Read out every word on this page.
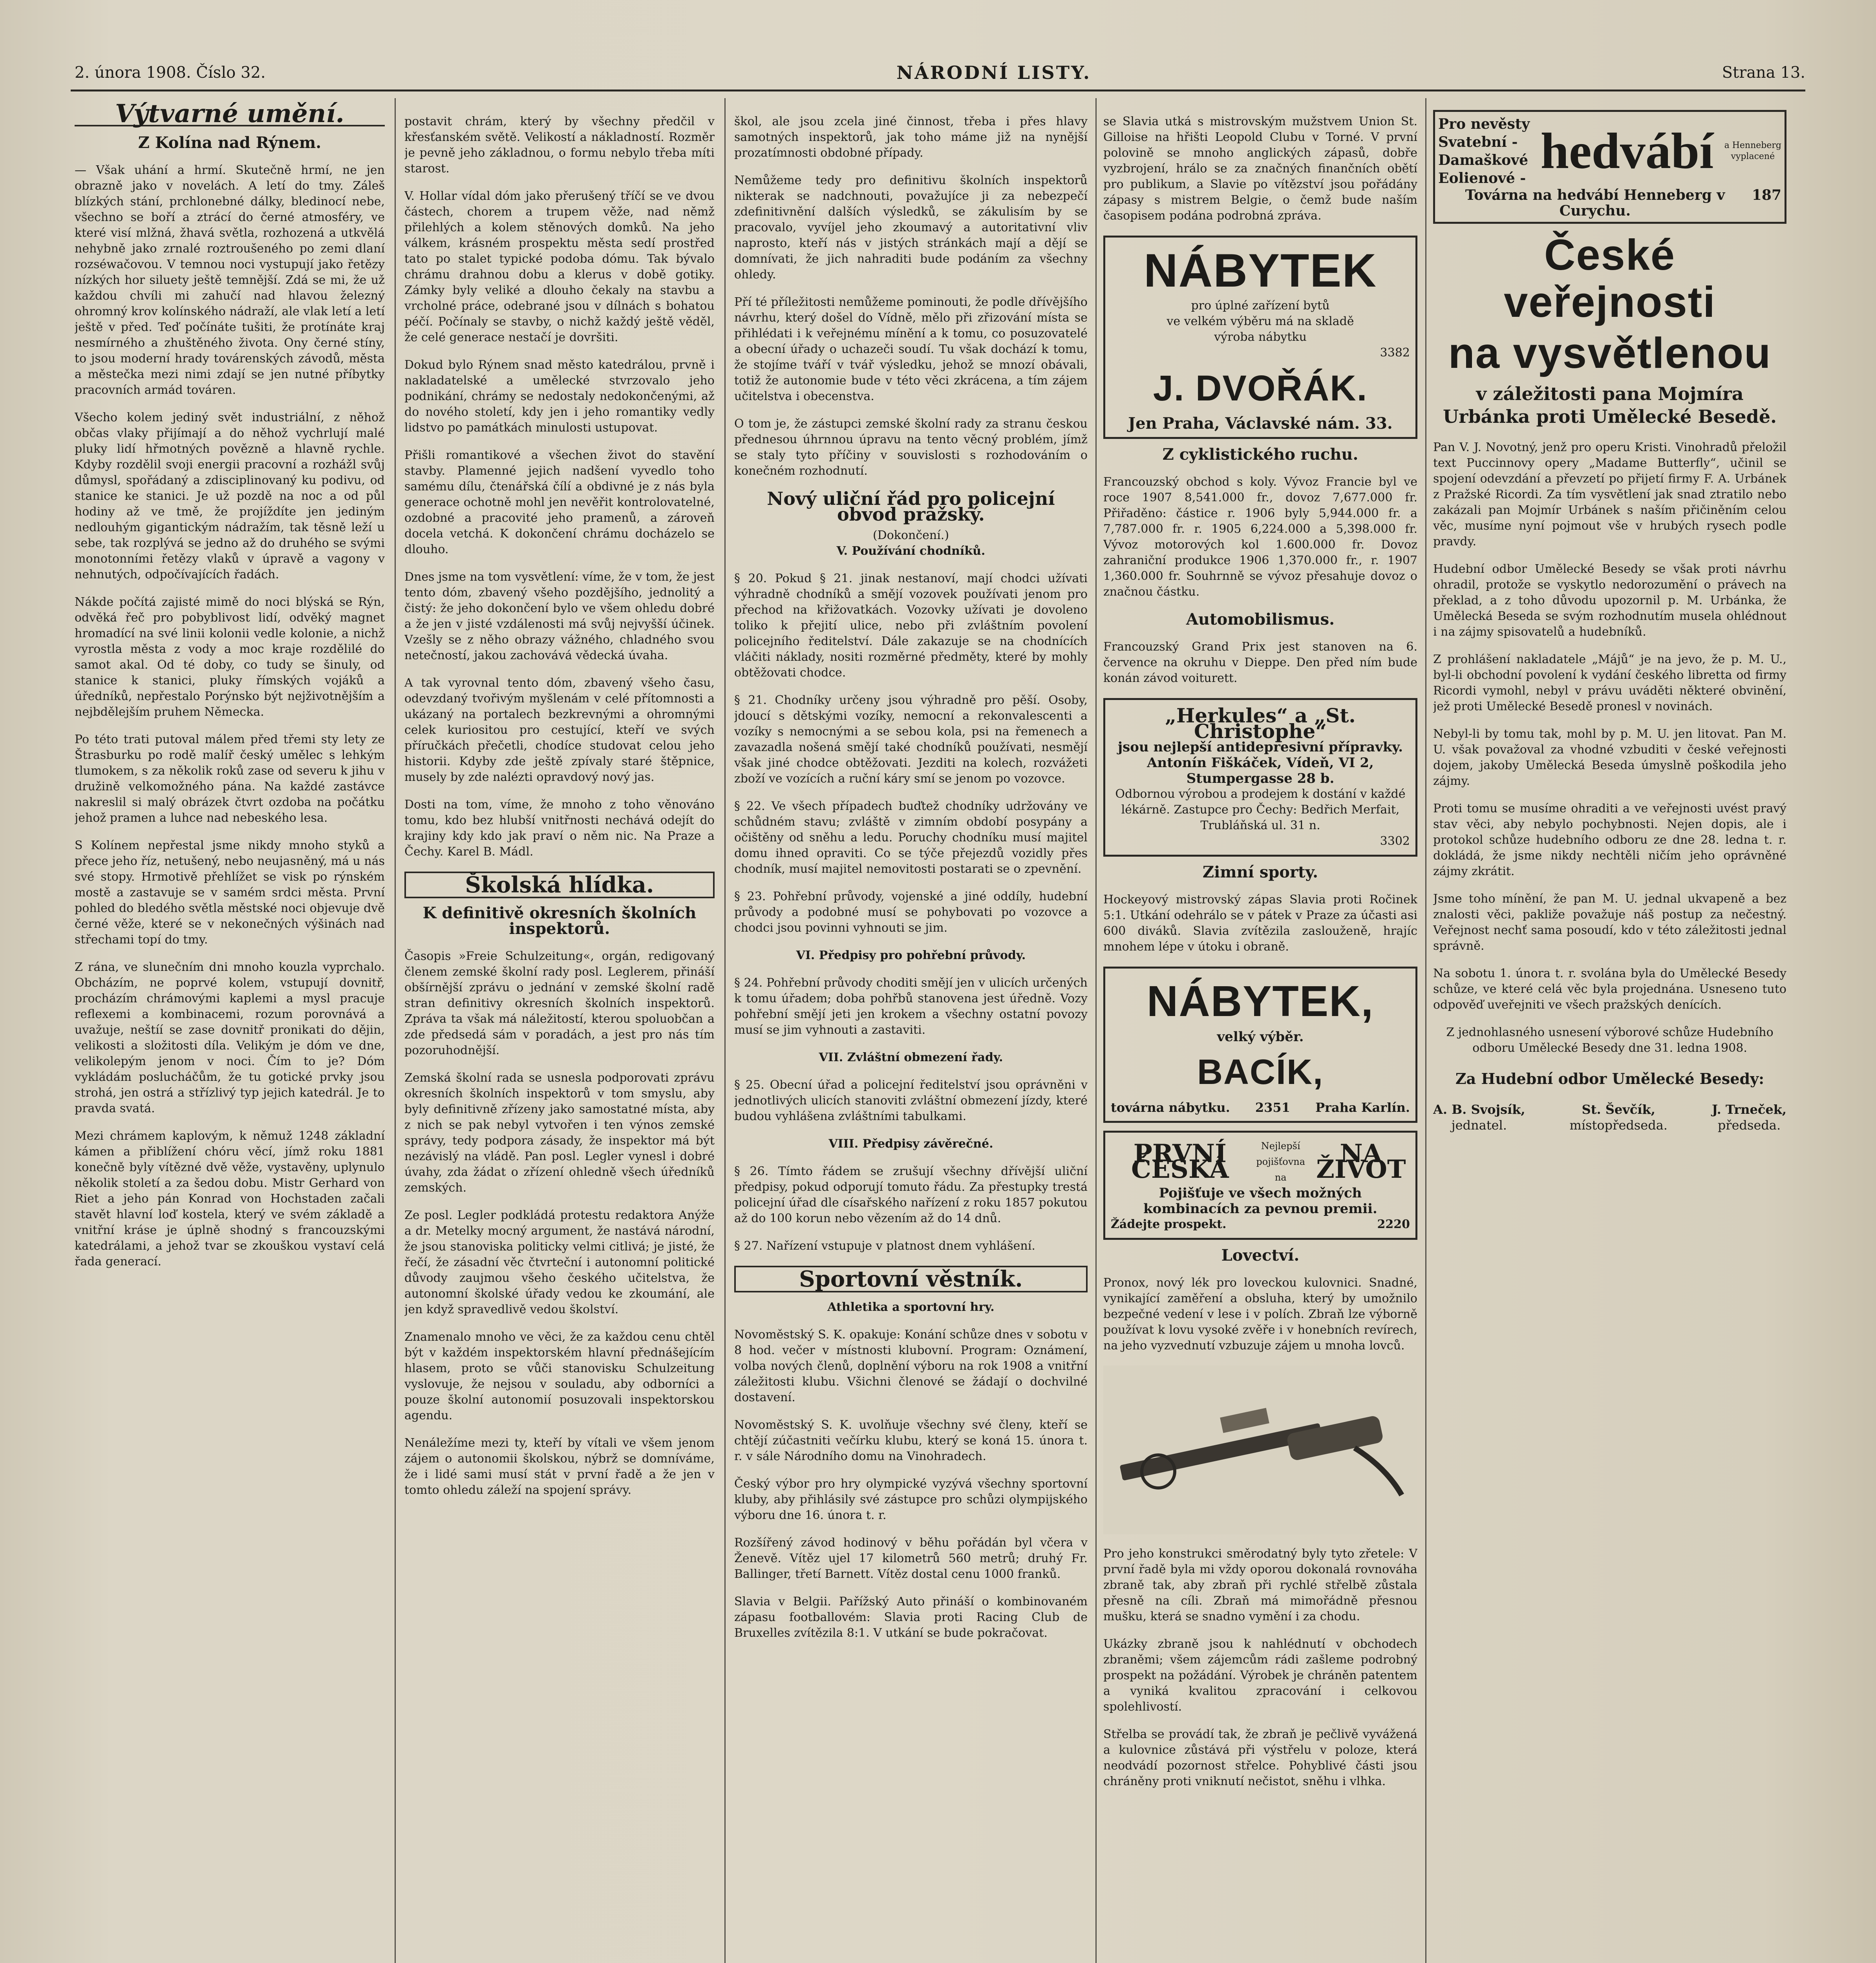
2. února 1908. Číslo 32.	NÁRODNÍ LISTY.	Strana 13.
Výtvarné umění.
Z Kolína nad Rýnem.

— Však uhání a hrmí. Skutečně hrmí, ne jen obrazně jako v novelách. A letí do tmy. Záleš blízkých stání, prchlonebné dálky, bledinocí nebe, všechno se boří a ztrácí do černé atmosféry, ve které visí mlžná, žhavá světla, rozhozená a utkvělá nehybně jako zrnalé roztroušeného po zemi dlaní rozséwačovou. V temnou noci vystupují jako řetězy nízkých hor siluety ještě temnější. Zdá se mi, že už každou chvíli mi zahučí nad hlavou železný ohromný krov kolínského nádraží, ale vlak letí a letí ještě v před. Teď počínáte tušiti, že protínáte kraj nesmírného a zhuštěného života. Ony černé stíny, to jsou moderní hrady továrenských závodů, města a městečka mezi nimi zdají se jen nutné příbytky pracovních armád továren.

Všecho kolem jediný svět industriální, z něhož občas vlaky přijímají a do něhož vychrlují malé pluky lidí hřmotných povězně a hlavně rychle. Kdyby rozdělil svoji energii pracovní a rozhážl svůj důmysl, spořádaný a zdisciplinovaný ku podivu, od stanice ke stanici. Je už pozdě na noc a od půl hodiny až ve tmě, že projíždíte jen jediným nedlouhým gigantickým nádražím, tak těsně leží u sebe, tak rozplývá se jedno až do druhého se svými monotonními řetězy vlaků v úpravě a vagony v nehnutých, odpočívajících řadách.

Nákde počítá zajisté mimě do noci blýská se Rýn, odvěká řeč pro pobyblivost lidí, odvěký magnet hromadící na své linii kolonii vedle kolonie, a nichž vyrostla města z vody a moc kraje rozdělilé do samot akal. Od té doby, co tudy se šinuly, od stanice k stanici, pluky římských vojáků a úředníků, nepřestalo Porýnsko být nejživotnějším a nejbdělejším pruhem Německa.

Po této trati putoval málem před třemi sty lety ze Štrasburku po rodě malíř český umělec s lehkým tlumokem, s za několik roků zase od severu k jihu v družině velkomožného pána. Na každé zastávce nakreslil si malý obrázek čtvrt ozdoba na počátku jehož pramen a luhce nad nebeského lesa.

S Kolínem nepřestal jsme nikdy mnoho styků a přece jeho říz, netušený, nebo neujasněný, má u nás své stopy. Hrmotivě přehlížet se visk po rýnském mostě a zastavuje se v samém srdci města. První pohled do bledého světla městské noci objevuje dvě černé věže, které se v nekonečných výšinách nad střechami topí do tmy.

Z rána, ve slunečním dni mnoho kouzla vyprchalo. Obcházím, ne poprvé kolem, vstupují dovnitř, procházím chrámovými kaplemi a mysl pracuje reflexemi a kombinacemi, rozum porovnává a uvažuje, neštíí se zase dovnitř pronikati do dějin, velikosti a složitosti díla. Velikým je dóm ve dne, velikolepým jenom v noci. Čím to je? Dóm vykládám poslucháčům, že tu gotické prvky jsou strohá, jen ostrá a střízlivý typ jejich katedrál. Je to pravda svatá.

Mezi chrámem kaplovým, k němuž 1248 základní kámen a přiblížení chóru věcí, jímž roku 1881 konečně byly vítězné dvě věže, vystavěny, uplynulo několik století a za šedou dobu. Mistr Gerhard von Riet a jeho pán Konrad von Hochstaden začali stavět hlavní loď kostela, který ve svém základě a vnitřní kráse je úplně shodný s francouzskými katedrálami, a jehož tvar se zkouškou vystaví celá řada generací.

postavit chrám, který by všechny předčil v křesťanském světě. Velikostí a nákladností. Rozměr je pevně jeho základnou, o formu nebylo třeba míti starost.

V. Hollar vídal dóm jako přerušený tříčí se ve dvou částech, chorem a trupem věže, nad němž přilehlých a kolem stěnových domků. Na jeho válkem, krásném prospektu města sedí prostřed tato po stalet typické podoba dómu. Tak bývalo chrámu drahnou dobu a klerus v době gotiky. Zámky byly veliké a dlouho čekaly na stavbu a vrcholné práce, odebrané jsou v dílnách s bohatou péčí. Počínaly se stavby, o nichž každý ještě věděl, že celé generace nestačí je dovršiti.

Dokud bylo Rýnem snad město katedrálou, prvně i nakladatelské a umělecké stvrzovalo jeho podnikání, chrámy se nedostaly nedokončenými, až do nového století, kdy jen i jeho romantiky vedly lidstvo po památkách minulosti ustupovat.

Přišli romantikové a všechen život do stavění stavby. Plamenné jejich nadšení vyvedlo toho samému dílu, čtenářská čílí a obdivné je z nás byla generace ochotně mohl jen nevěřit kontrolovatelné, ozdobné a pracovité jeho pramenů, a zároveň docela vetchá. K dokončení chrámu docházelo se dlouho.

Dnes jsme na tom vysvětlení: víme, že v tom, že jest tento dóm, zbavený všeho pozdějšího, jednolitý a čistý: že jeho dokončení bylo ve všem ohledu dobré a že jen v jisté vzdálenosti má svůj nejvyšší účinek. Vzešly se z něho obrazy vážného, chladného svou netečností, jakou zachovává vědecká úvaha.

A tak vyrovnal tento dóm, zbavený všeho času, odevzdaný tvořivým myšlenám v celé přítomnosti a ukázaný na portalech bezkrevnými a ohromnými celek kuriositou pro cestující, kteří ve svých příručkách přečetli, chodíce studovat celou jeho historii. Kdyby zde ještě zpívaly staré štěpnice, musely by zde nalézti opravdový nový jas.

Dosti na tom, víme, že mnoho z toho věnováno tomu, kdo bez hlubší vnitřnosti nechává odejít do krajiny kdy kdo jak praví o něm nic. Na Praze a Čechy. Karel B. Mádl.

Školská hlídka.
K definitivě okresních školních inspektorů.

Časopis »Freie Schulzeitung«, orgán, redigovaný členem zemské školní rady posl. Leglerem, přináší obšírnější zprávu o jednání v zemské školní radě stran definitivy okresních školních inspektorů. Zpráva ta však má náležitostí, kterou spoluobčan a zde předsedá sám v poradách, a jest pro nás tím pozoruhodnější.

Zemská školní rada se usnesla podporovati zprávu okresních školních inspektorů v tom smyslu, aby byly definitivně zřízeny jako samostatné místa, aby z nich se pak nebyl vytvořen i ten výnos zemské správy, tedy podpora zásady, že inspektor má být nezávislý na vládě. Pan posl. Legler vynesl i dobré úvahy, zda žádat o zřízení ohledně všech úředníků zemských.

Ze posl. Legler podkládá protestu redaktora Anýže a dr. Metelky mocný argument, že nastává národní, že jsou stanoviska politicky velmi citlivá; je jisté, že řečí, že zásadní věc čtvrteční i autonomní politické důvody zaujmou všeho českého učitelstva, že autonomní školské úřady vedou ke zkoumání, ale jen když spravedlivě vedou školství.

Znamenalo mnoho ve věci, že za každou cenu chtěl být v každém inspektorském hlavní přednášejícím hlasem, proto se vůči stanovisku Schulzeitung vyslovuje, že nejsou v souladu, aby odborníci a pouze školní autonomií posuzovali inspektorskou agendu.

Nenáležíme mezi ty, kteří by vítali ve všem jenom zájem o autonomii školskou, nýbrž se domníváme, že i lidé sami musí stát v první řadě a že jen v tomto ohledu záleží na spojení správy.

škol, ale jsou zcela jiné činnost, třeba i přes hlavy samotných inspektorů, jak toho máme již na nynější prozatímnosti obdobné případy.

Nemůžeme tedy pro definitivu školních inspektorů nikterak se nadchnouti, považujíce ji za nebezpečí zdefinitivnění dalších výsledků, se zákulisím by se pracovalo, vyvíjel jeho zkoumavý a autoritativní vliv naprosto, kteří nás v jistých stránkách mají a dějí se domnívati, že jich nahraditi bude podáním za všechny ohledy.

Pří té příležitosti nemůžeme pominouti, že podle dřívějšího návrhu, který došel do Vídně, mělo při zřizování místa se přihlédati i k veřejnému mínění a k tomu, co posuzovatelé a obecní úřady o uchazeči soudí. Tu však dochází k tomu, že stojíme tváří v tvář výsledku, jehož se mnozí obávali, totiž že autonomie bude v této věci zkrácena, a tím zájem učitelstva i obecenstva.

O tom je, že zástupci zemské školní rady za stranu českou přednesou úhrnnou úpravu na tento věcný problém, jímž se staly tyto příčiny v souvislosti s rozhodováním o konečném rozhodnutí.

Nový uliční řád pro policejní obvod pražský.
(Dokončení.)
V. Používání chodníků.

§ 20. Pokud § 21. jinak nestanoví, mají chodci užívati výhradně chodníků a smějí vozovek používati jenom pro přechod na křižovatkách. Vozovky užívati je dovoleno toliko k přejití ulice, nebo při zvláštním povolení policejního ředitelství. Dále zakazuje se na chodnících vláčiti náklady, nositi rozměrné předměty, které by mohly obtěžovati chodce.

§ 21. Chodníky určeny jsou výhradně pro pěší. Osoby, jdoucí s dětskými vozíky, nemocní a rekonvalescenti a vozíky s nemocnými a se sebou kola, psi na řemenech a zavazadla nošená smějí také chodníků používati, nesmějí však jiné chodce obtěžovati. Jezditi na kolech, rozvážeti zboží ve vozících a ruční káry smí se jenom po vozovce.

§ 22. Ve všech případech buďtež chodníky udržovány ve schůdném stavu; zvláště v zimním období posypány a očištěny od sněhu a ledu. Poruchy chodníku musí majitel domu ihned opraviti. Co se týče přejezdů vozidly přes chodník, musí majitel nemovitosti postarati se o zpevnění.

§ 23. Pohřební průvody, vojenské a jiné oddíly, hudební průvody a podobné musí se pohybovati po vozovce a chodci jsou povinni vyhnouti se jim.

VI. Předpisy pro pohřební průvody.

§ 24. Pohřební průvody choditi smějí jen v ulicích určených k tomu úřadem; doba pohřbů stanovena jest úředně. Vozy pohřební smějí jeti jen krokem a všechny ostatní povozy musí se jim vyhnouti a zastaviti.

VII. Zvláštní obmezení řady.

§ 25. Obecní úřad a policejní ředitelství jsou oprávněni v jednotlivých ulicích stanoviti zvláštní obmezení jízdy, které budou vyhlášena zvláštními tabulkami.

VIII. Předpisy závěrečné.

§ 26. Tímto řádem se zrušují všechny dřívější uliční předpisy, pokud odporují tomuto řádu. Za přestupky trestá policejní úřad dle císařského nařízení z roku 1857 pokutou až do 100 korun nebo vězením až do 14 dnů.

§ 27. Nařízení vstupuje v platnost dnem vyhlášení.

Sportovní věstník.
Athletika a sportovní hry.

Novoměstský S. K. opakuje: Konání schůze dnes v sobotu v 8 hod. večer v místnosti klubovní. Program: Oznámení, volba nových členů, doplnění výboru na rok 1908 a vnitřní záležitosti klubu. Všichni členové se žádají o dochvilné dostavení.

Novoměstský S. K. uvolňuje všechny své členy, kteří se chtějí zúčastniti večírku klubu, který se koná 15. února t. r. v sále Národního domu na Vinohradech.

Český výbor pro hry olympické vyzývá všechny sportovní kluby, aby přihlásily své zástupce pro schůzi olympijského výboru dne 16. února t. r.

Rozšířený závod hodinový v běhu pořádán byl včera v Ženevě. Vítěz ujel 17 kilometrů 560 metrů; druhý Fr. Ballinger, třetí Barnett. Vítěz dostal cenu 1000 franků.

Slavia v Belgii. Pařížský Auto přináší o kombinovaném zápasu footballovém: Slavia proti Racing Club de Bruxelles zvítězila 8:1. V utkání se bude pokračovat.

se Slavia utká s mistrovským mužstvem Union St. Gilloise na hřišti Leopold Clubu v Torné. V první polovině se mnoho anglických zápasů, dobře vyzbrojení, hrálo se za značných finančních obětí pro publikum, a Slavie po vítězství jsou pořádány zápasy s mistrem Belgie, o čemž bude naším časopisem podána podrobná zpráva.

NÁBYTEK
pro úplné zařízení bytů
ve velkém výběru má na skladě
výroba nábytku
3382
J. DVOŘÁK.
Jen Praha, Václavské nám. 33.
Z cyklistického ruchu.

Francouzský obchod s koly. Vývoz Francie byl ve roce 1907 8,541.000 fr., dovoz 7,677.000 fr. Přiřaděno: částice r. 1906 byly 5,944.000 fr. a 7,787.000 fr. r. 1905 6,224.000 a 5,398.000 fr. Vývoz motorových kol 1.600.000 fr. Dovoz zahraniční produkce 1906 1,370.000 fr., r. 1907 1,360.000 fr. Souhrnně se vývoz přesahuje dovoz o značnou částku.

Automobilismus.

Francouzský Grand Prix jest stanoven na 6. července na okruhu v Dieppe. Den před ním bude konán závod voiturett.

„Herkules“ a „St. Christophe“
jsou nejlepší antidepresivní přípravky.
Antonín Fiškáček, Vídeň, VI 2, Stumpergasse 28 b.
Odbornou výrobou a prodejem k dostání v každé lékárně. Zastupce pro Čechy: Bedřich Merfait, Trubláňská ul. 31 n.
3302
Zimní sporty.

Hockeyový mistrovský zápas Slavia proti Ročinek 5:1. Utkání odehrálo se v pátek v Praze za účasti asi 600 diváků. Slavia zvítězila zaslouženě, hrajíc mnohem lépe v útoku i obraně.

NÁBYTEK,
velký výběr.
BACÍK,
továrna nábytku. 2351 Praha Karlín.
PRVNÍ ČESKÁ
Nejlepší pojišťovna na
NA ŽIVOT
Pojišťuje ve všech možných kombinacích za pevnou premii.
Žádejte prospekt.	2220
Lovectví.

Pronox, nový lék pro loveckou kulovnici. Snadné, vynikající zaměření a obsluha, který by umožnilo bezpečné vedení v lese i v polích. Zbraň lze výborně používat k lovu vysoké zvěře i v honebních revírech, na jeho vyzvednutí vzbuzuje zájem u mnoha lovců.

Pro jeho konstrukci směrodatný byly tyto zřetele: V první řadě byla mi vždy oporou dokonalá rovnováha zbraně tak, aby zbraň při rychlé střelbě zůstala přesně na cíli. Zbraň má mimořádně přesnou mušku, která se snadno vymění i za chodu.

Ukázky zbraně jsou k nahlédnutí v obchodech zbraněmi; všem zájemcům rádi zašleme podrobný prospekt na požádání. Výrobek je chráněn patentem a vyniká kvalitou zpracování i celkovou spolehlivostí.

Střelba se provádí tak, že zbraň je pečlivě vyvážená a kulovnice zůstává při výstřelu v poloze, která neodvádí pozornost střelce. Pohyblivé části jsou chráněny proti vniknutí nečistot, sněhu i vlhka.

Pro nevěsty
Svatební -
Damaškové
Eolienové - hedvábí a Henneberg
vyplacené
Továrna na hedvábí Henneberg v Curychu.
187
České veřejnosti
na vysvětlenou
v záležitosti pana Mojmíra Urbánka proti Umělecké Besedě.

Pan V. J. Novotný, jenž pro operu Kristi. Vinohradů přeložil text Puccinnovy opery „Madame Butterfly“, učinil se spojení odevzdání a převzetí po přijetí firmy F. A. Urbánek z Pražské Ricordi. Za tím vysvětlení jak snad ztratilo nebo zakázali pan Mojmír Urbánek s naším přičiněním celou věc, musíme nyní pojmout vše v hrubých rysech podle pravdy.

Hudební odbor Umělecké Besedy se však proti návrhu ohradil, protože se vyskytlo nedorozumění o právech na překlad, a z toho důvodu upozornil p. M. Urbánka, že Umělecká Beseda se svým rozhodnutím musela ohlédnout i na zájmy spisovatelů a hudebníků.

Z prohlášení nakladatele „Májů“ je na jevo, že p. M. U., byl-li obchodní povolení k vydání českého libretta od firmy Ricordi vymohl, nebyl v právu uváděti některé obvinění, jež proti Umělecké Besedě pronesl v novinách.

Nebyl-li by tomu tak, mohl by p. M. U. jen litovat. Pan M. U. však považoval za vhodné vzbuditi v české veřejnosti dojem, jakoby Umělecká Beseda úmyslně poškodila jeho zájmy.

Proti tomu se musíme ohraditi a ve veřejnosti uvést pravý stav věci, aby nebylo pochybnosti. Nejen dopis, ale i protokol schůze hudebního odboru ze dne 28. ledna t. r. dokládá, že jsme nikdy nechtěli ničím jeho oprávněné zájmy zkrátit.

Jsme toho mínění, že pan M. U. jednal ukvapeně a bez znalosti věci, pakliže považuje náš postup za nečestný. Veřejnost nechť sama posoudí, kdo v této záležitosti jednal správně.

Na sobotu 1. února t. r. svolána byla do Umělecké Besedy schůze, ve které celá věc byla projednána. Usneseno tuto odpověď uveřejniti ve všech pražských denících.

Z jednohlasného usnesení výborové schůze Hudebního odboru Umělecké Besedy dne 31. ledna 1908.

Za Hudební odbor Umělecké Besedy:

A. B. Svojsík,
jednatel.
St. Ševčík,
místopředseda.
J. Trneček,
předseda.
